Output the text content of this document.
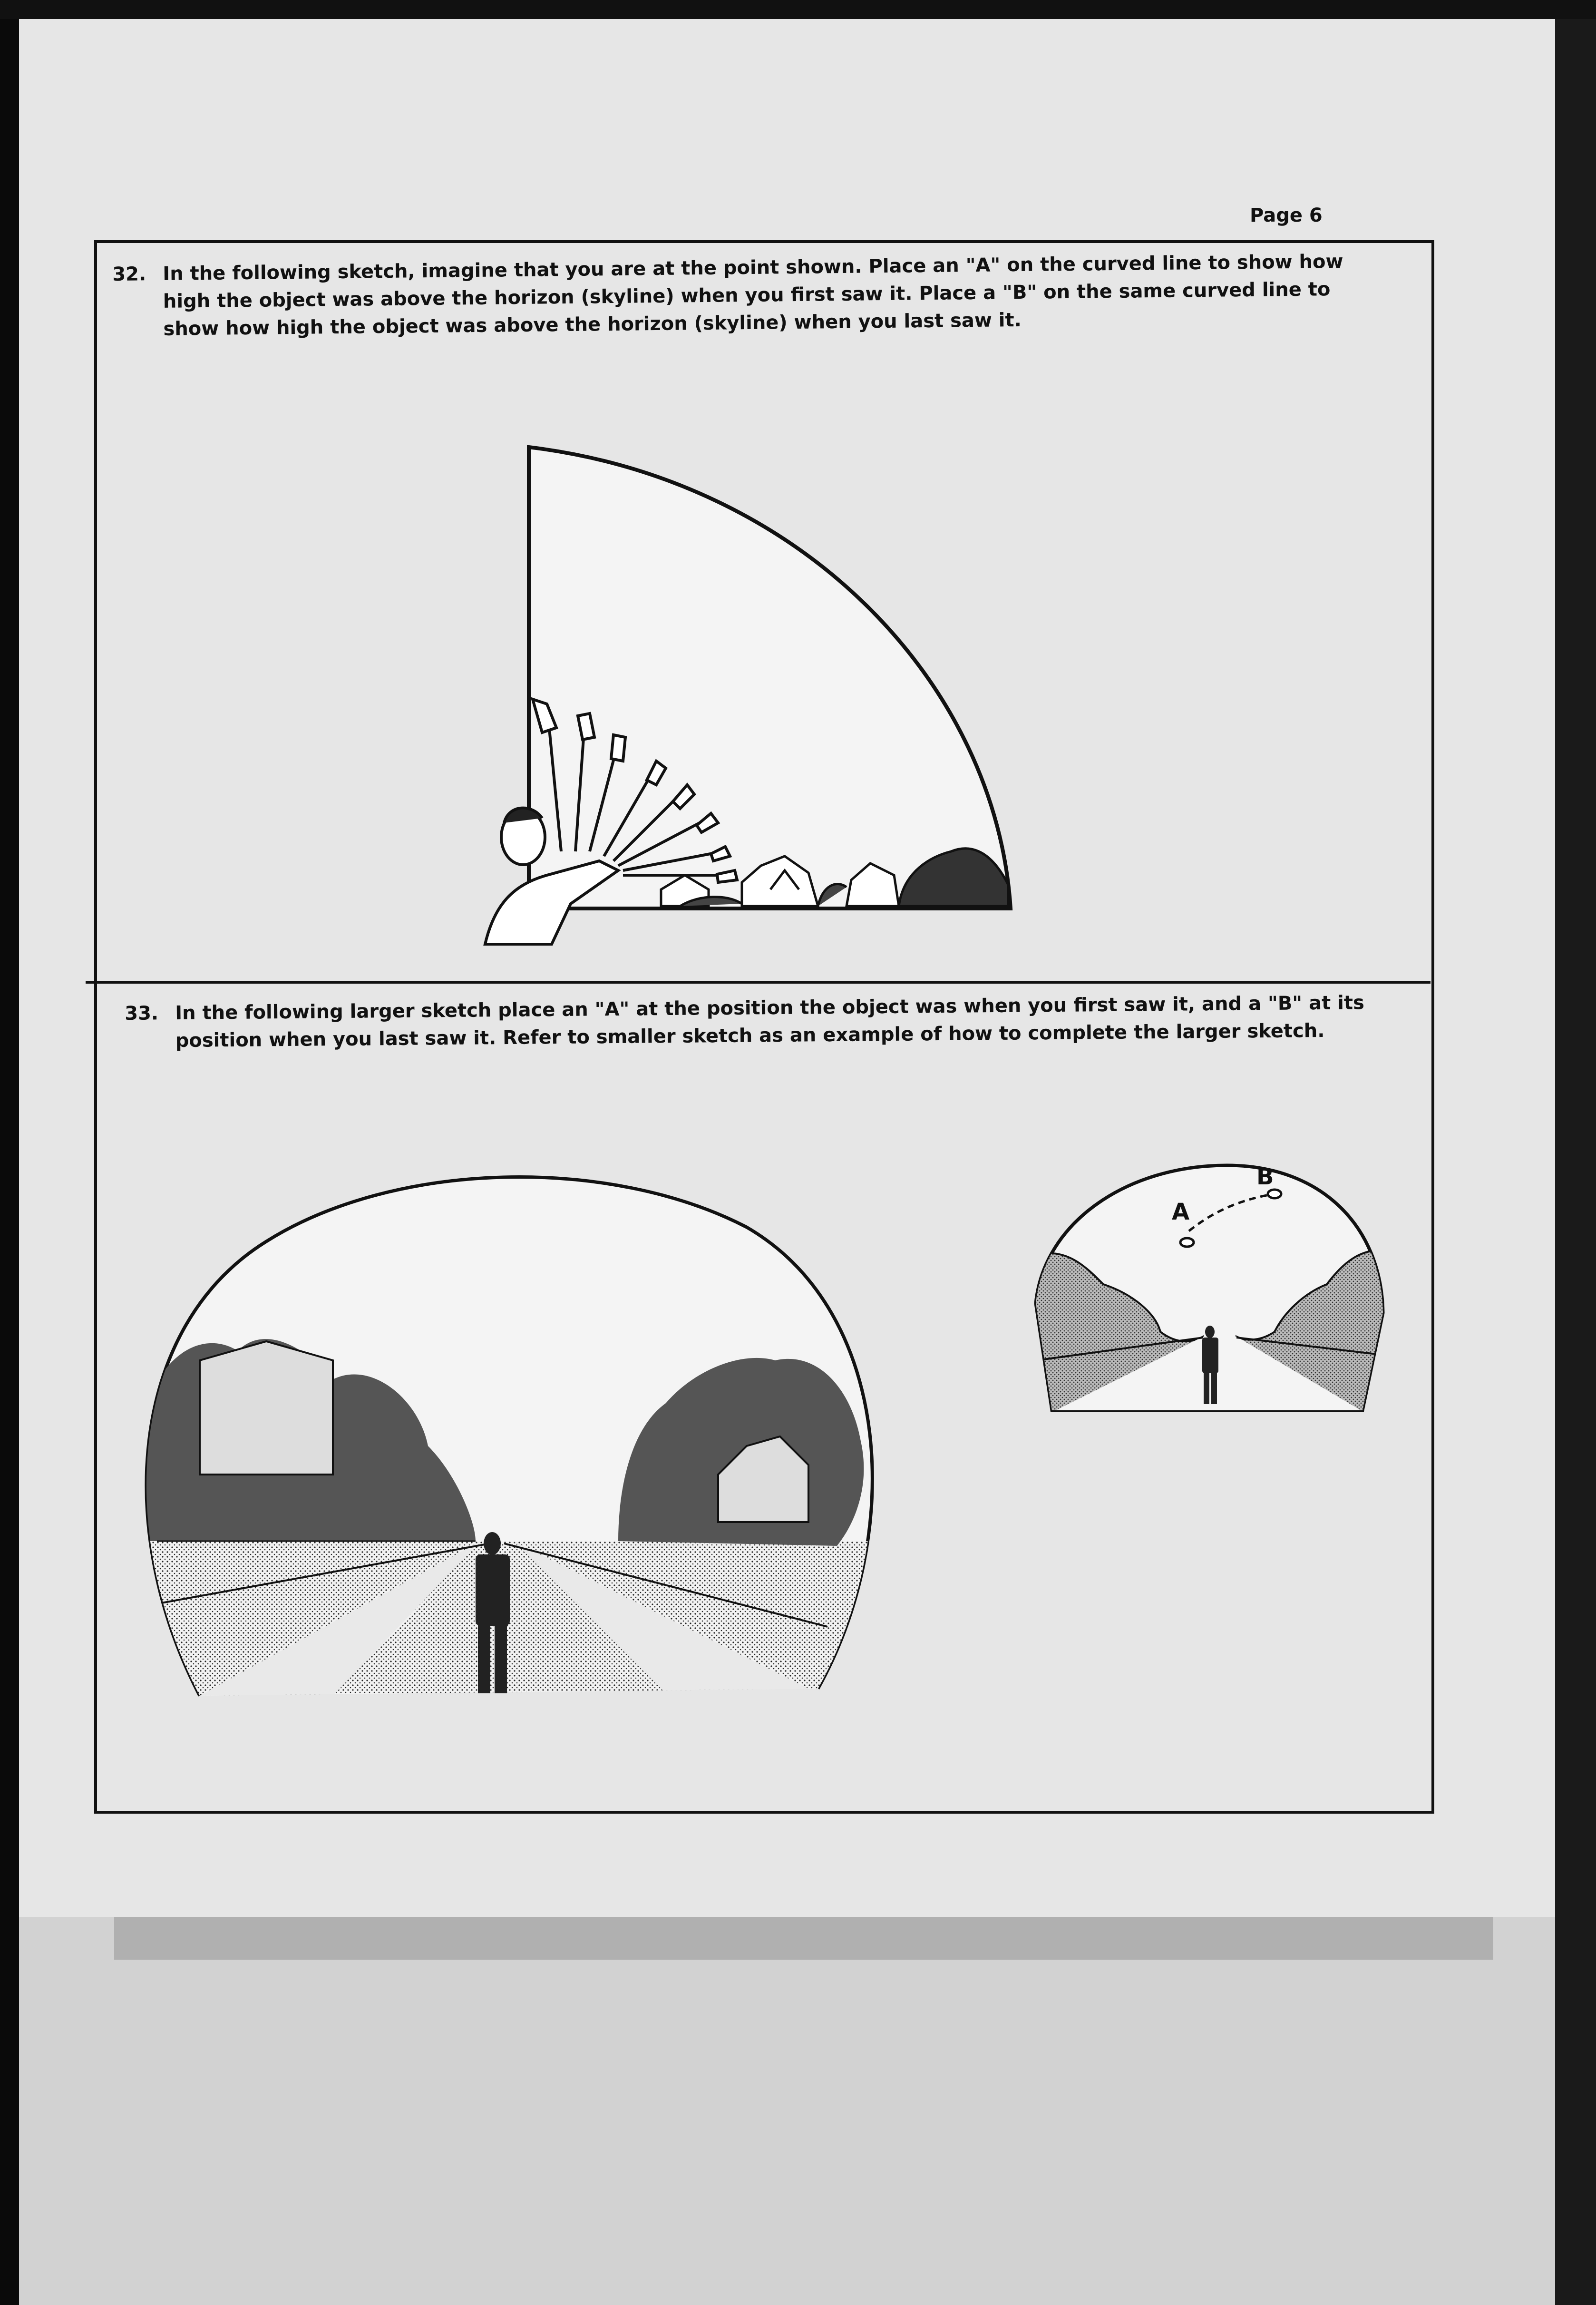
Page 6
32. In the following sketch, imagine that you are at the point shown. Place an "A" on the curved line to show how
high the object was above the horizon (skyline) when you first saw it. Place a "B" on the same curved line to
show how high the object was above the horizon (skyline) when you last saw it.
33. In the following larger sketch place an "A" at the position the object was when you first saw it, and a "B" at its
position when you last saw it. Refer to smaller sketch as an example of how to complete the larger sketch.
A
B
